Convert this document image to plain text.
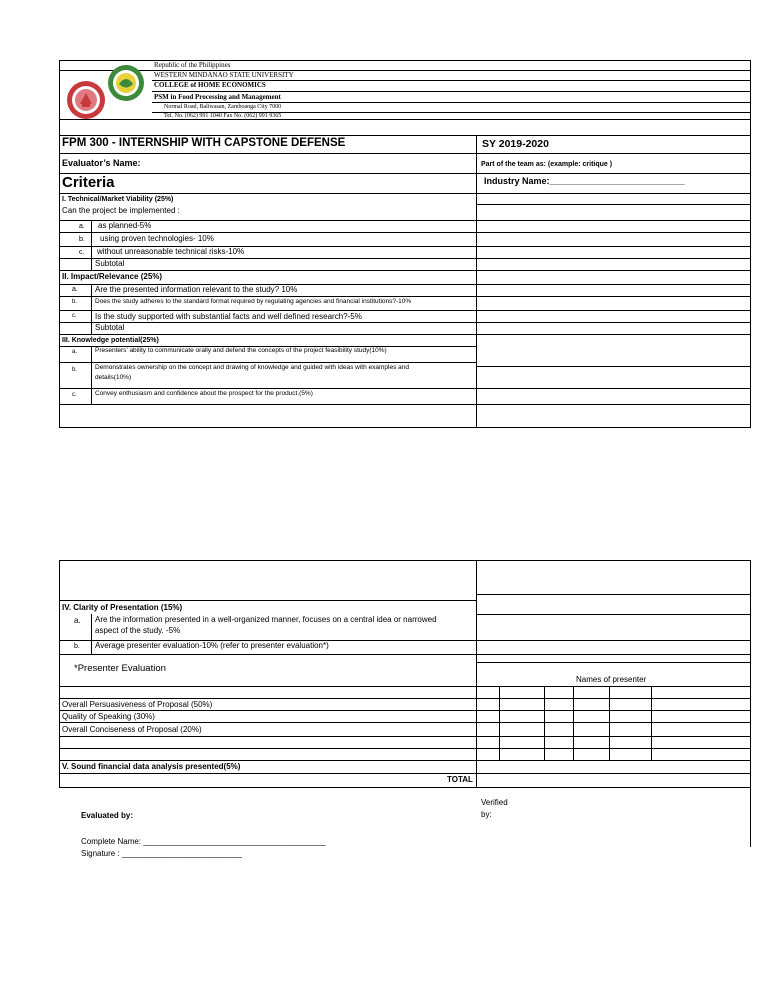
Republic of the Philippines
WESTERN MINDANAO STATE UNIVERSITY
COLLEGE of HOME ECONOMICS
PSM in Food Processing and Management
Normal Road, Baliwasan, Zamboanga City 7000
Tel. No. (062) 991 1040 Fax No. (062) 991 9365
FPM 300 - INTERNSHIP WITH CAPSTONE DEFENSE	SY 2019-2020
Evaluator’s Name:	Part of the team as: (example: critique )
Criteria	Industry Name:___________________________
I. Technical/Market Viability (25%)
Can the project be implemented :
a. as planned-5%
b. using proven technologies- 10%
c. without unreasonable technical risks-10%
Subtotal
II. Impact/Relevance (25%)
a. Are the presented information relevant to the study? 10%
b.	Does the study adheres to the standard format required by regulating agencies and financial institutions?-10%
c. Is the study supported with substantial facts and well defined research?-5%
Subtotal
III. Knowledge potential(25%)
a.	Presenters’ ability to communicate orally and defend the concepts of the project feasibility study(10%)
b.	Demonstrates ownership on the concept and drawing of knowledge and guided with ideas with examples and
details(10%)
c.	Convey enthusiasm and confidence about the prospect for the product.(5%)
IV. Clarity of Presentation (15%)
a. Are the information presented in a well-organized manner, focuses on a central idea or narrowed
aspect of the study. -5%
b. Average presenter evaluation-10% (refer to presenter evaluation*)
*Presenter Evaluation
Names of presenter
Overall Persuasiveness of Proposal (50%)
Quality of Speaking (30%)
Overall Conciseness of Proposal (20%)
V. Sound financial data analysis presented(5%)
TOTAL
Verified
by:
Evaluated by:
Complete Name: _________________________________________
Signature : ___________________________
